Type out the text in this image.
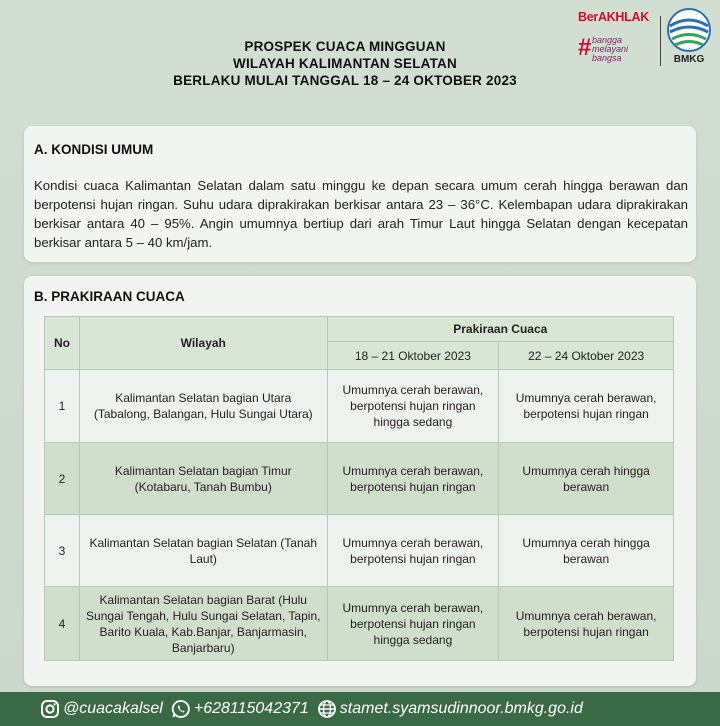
PROSPEK CUACA MINGGUAN
WILAYAH KALIMANTAN SELATAN
BERLAKU MULAI TANGGAL 18 – 24 OKTOBER 2023
BerAKHLAK

# bangga melayani bangsa	BMKG
A. KONDISI UMUM
Kondisi cuaca Kalimantan Selatan dalam satu minggu ke depan secara umum cerah hingga berawan dan berpotensi hujan ringan. Suhu udara diprakirakan berkisar antara 23 – 36°C. Kelembapan udara diprakirakan berkisar antara 40 – 95%. Angin umumnya bertiup dari arah Timur Laut hingga Selatan dengan kecepatan berkisar antara 5 – 40 km/jam.
B. PRAKIRAAN CUACA
No	Wilayah	Prakiraan Cuaca	
		18 – 21 Oktober 2023	22 – 24 Oktober 2023
1	Kalimantan Selatan bagian Utara (Tabalong, Balangan, Hulu Sungai Utara)	Umumnya cerah berawan, berpotensi hujan ringan hingga sedang	Umumnya cerah berawan, berpotensi hujan ringan
2	Kalimantan Selatan bagian Timur (Kotabaru, Tanah Bumbu)	Umumnya cerah berawan, berpotensi hujan ringan	Umumnya cerah hingga berawan
3	Kalimantan Selatan bagian Selatan (Tanah Laut)	Umumnya cerah berawan, berpotensi hujan ringan	Umumnya cerah hingga berawan
4	Kalimantan Selatan bagian Barat (Hulu Sungai Tengah, Hulu Sungai Selatan, Tapin, Barito Kuala, Kab.Banjar, Banjarmasin, Banjarbaru)	Umumnya cerah berawan, berpotensi hujan ringan hingga sedang	Umumnya cerah berawan, berpotensi hujan ringan
@cuacakalsel +628115042371 stamet.syamsudinnoor.bmkg.go.id
